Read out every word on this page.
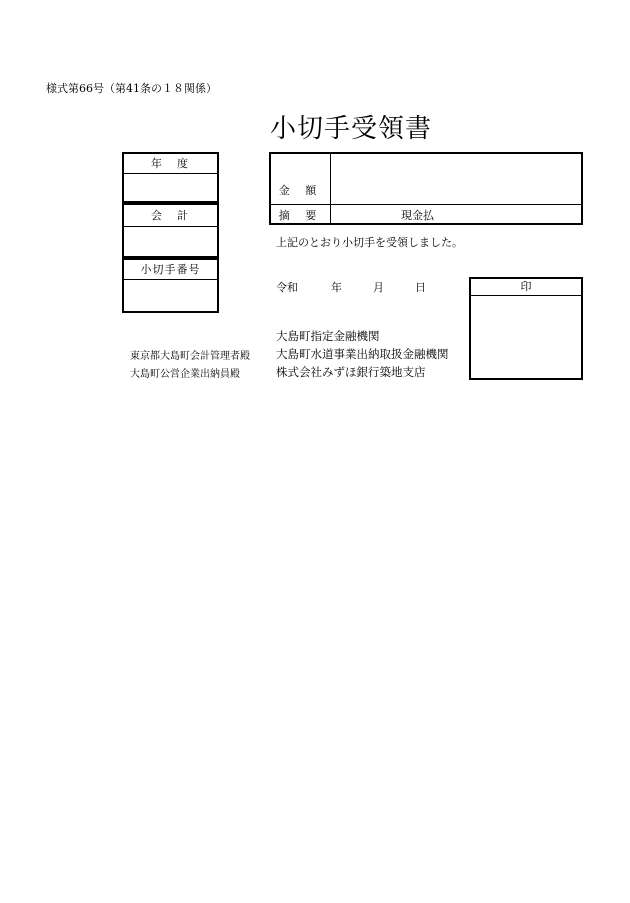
様式第66号（第41条の１８関係）
小切手受領書
年　度
会　計
小切手番号
金 額
摘 要	現金払
上記のとおり小切手を受領しました。
令和	年	月	日	印
東京都大島町会計管理者殿
大島町公営企業出納員殿
大島町指定金融機関
大島町水道事業出納取扱金融機関
株式会社みずほ銀行築地支店
